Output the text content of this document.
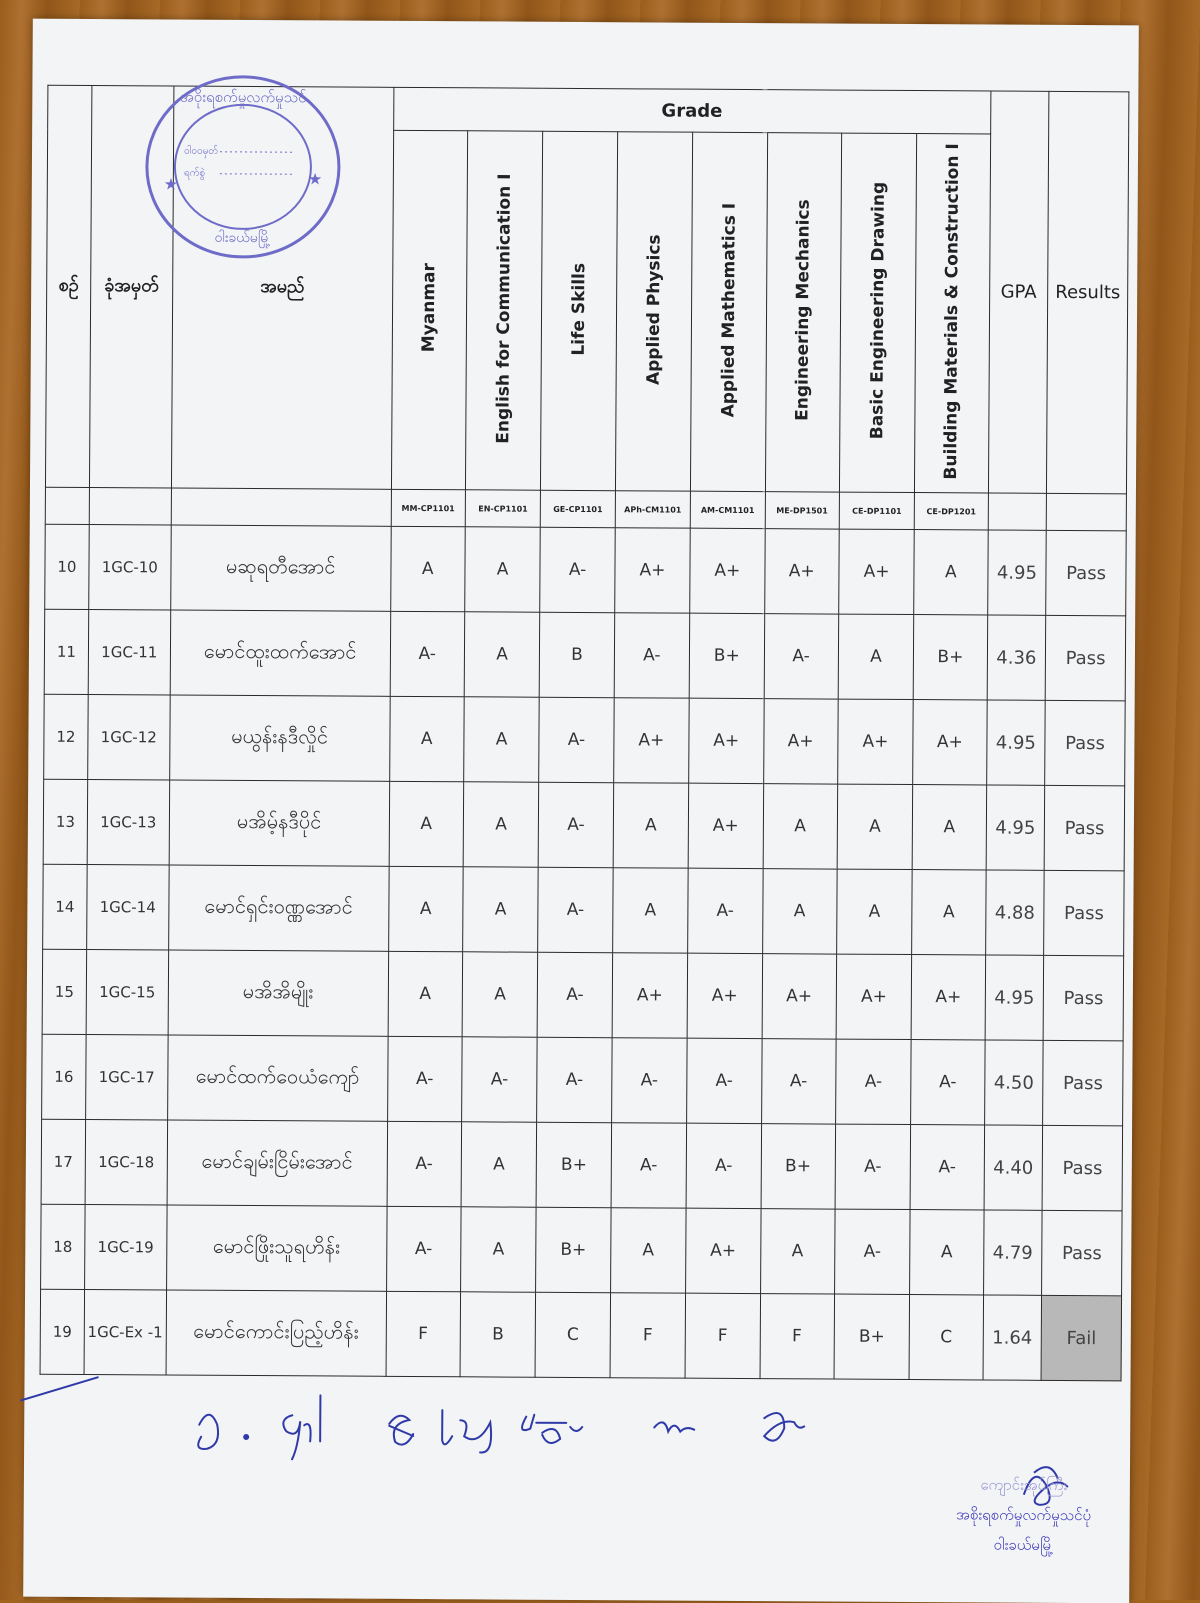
အဝိုးရစက်မှုလက်မှုသင်
ဝါဝဝမှတ်
ရက်စွဲ
★	★
ဝါးခယ်မမြို့
စဉ်	ခုံအမှတ်	အမည်	Grade								GPA	Results
			Myanmar	English for Communication I	Life Skills	Applied Physics	Applied Mathematics I	Engineering Mechanics	Basic Engineering Drawing	Building Materials & Construction I		
			MM-CP1101	EN-CP1101	GE-CP1101	APh-CM1101	AM-CM1101	ME-DP1501	CE-DP1101	CE-DP1201		
10	1GC-10	မဆုရတီအောင်	A	A	A-	A+	A+	A+	A+	A	4.95	Pass
11	1GC-11	မောင်ထူးထက်အောင်	A-	A	B	A-	B+	A-	A	B+	4.36	Pass
12	1GC-12	မယွန်းနဒီလှိုင်	A	A	A-	A+	A+	A+	A+	A+	4.95	Pass
13	1GC-13	မအိမ့်နဒီပိုင်	A	A	A-	A	A+	A	A	A	4.95	Pass
14	1GC-14	မောင်ရှင်းဝဏ္ဏအောင်	A	A	A-	A	A-	A	A	A	4.88	Pass
15	1GC-15	မအိအိမျိုး	A	A	A-	A+	A+	A+	A+	A+	4.95	Pass
16	1GC-17	မောင်ထက်ဝေယံကျော်	A-	A-	A-	A-	A-	A-	A-	A-	4.50	Pass
17	1GC-18	မောင်ချမ်းငြိမ်းအောင်	A-	A	B+	A-	A-	B+	A-	A-	4.40	Pass
18	1GC-19	မောင်ဖြိုးသူရဟိန်း	A-	A	B+	A	A+	A	A-	A	4.79	Pass
19	1GC-Ex -1	မောင်ကောင်းပြည့်ဟိန်း	F	B	C	F	F	F	B+	C	1.64	Fail
ကျောင်းအုပ်ကြီး
အစိုးရစက်မှုလက်မှုသင်ပုံ
ဝါးခယ်မမြို့
